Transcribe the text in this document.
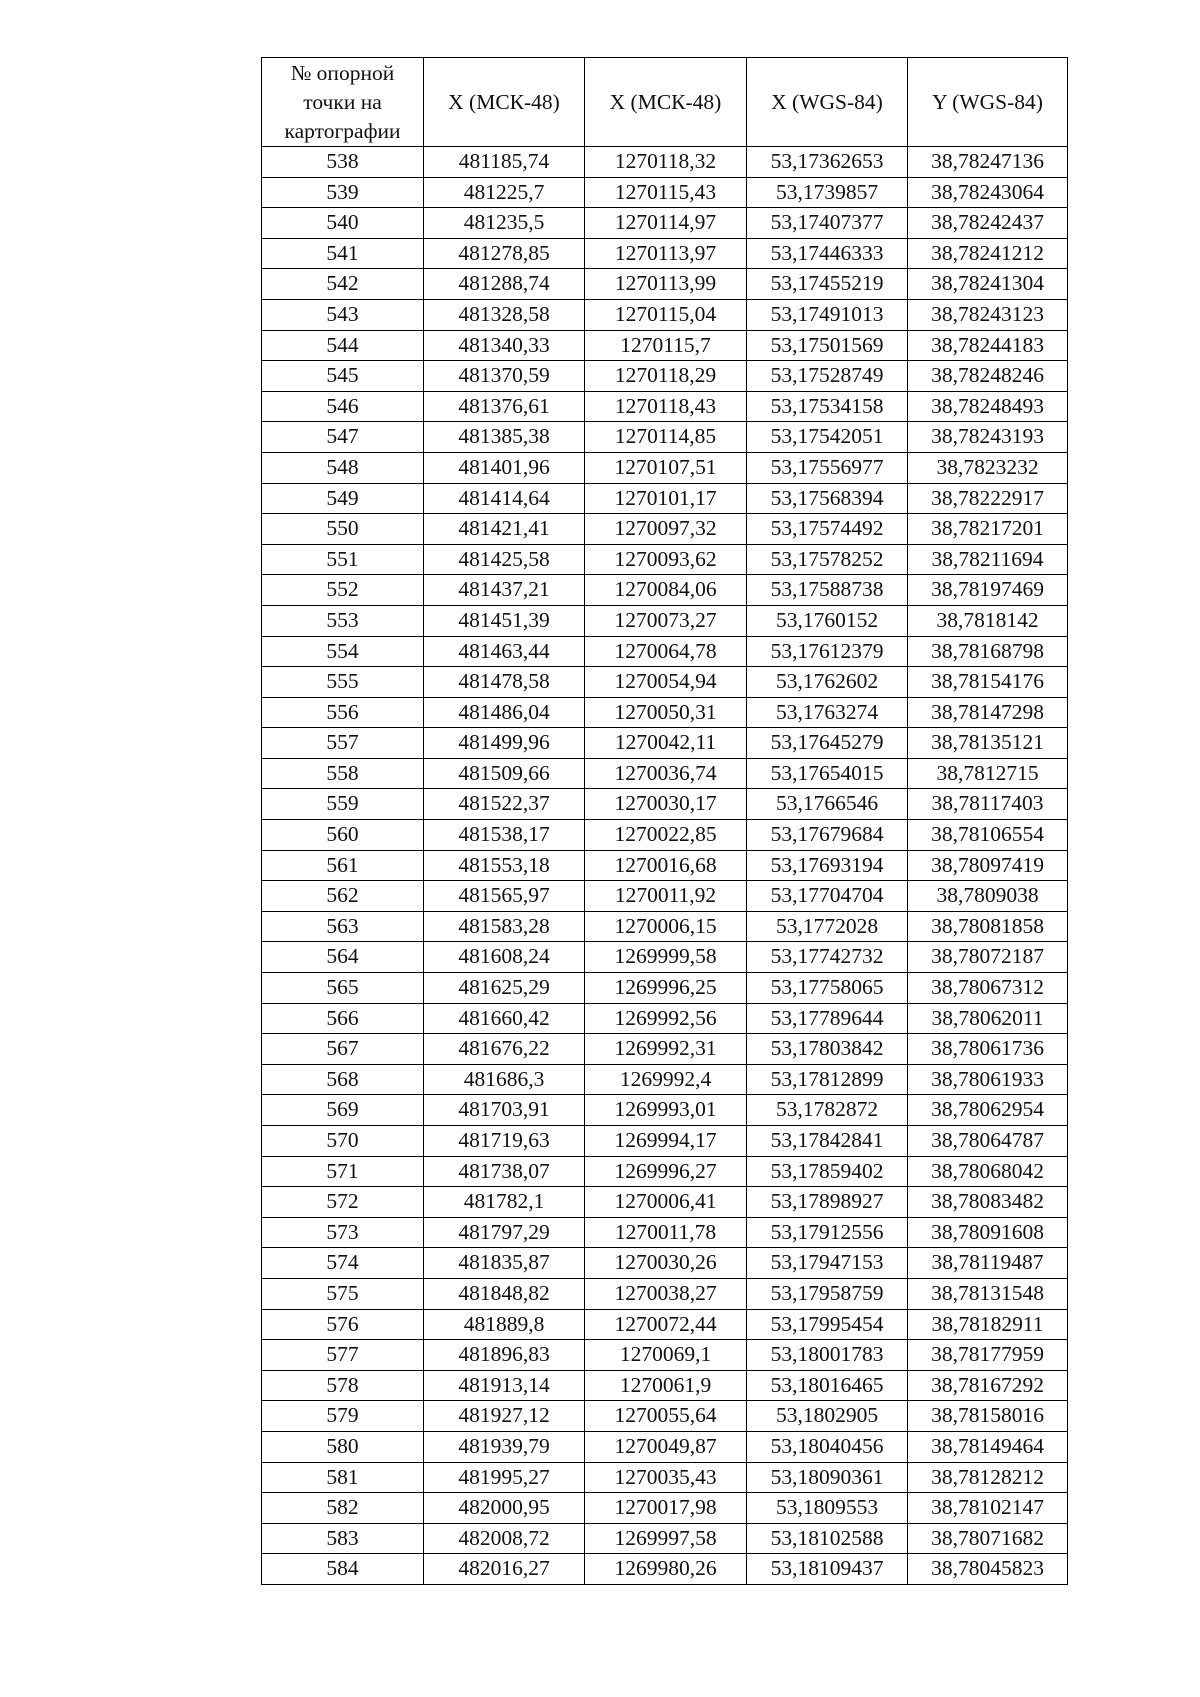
№ опорной
точки на
картографии	X (МСК-48)	X (МСК-48)	X (WGS-84)	Y (WGS-84)
538	481185,74	1270118,32	53,17362653	38,78247136
539	481225,7	1270115,43	53,1739857	38,78243064
540	481235,5	1270114,97	53,17407377	38,78242437
541	481278,85	1270113,97	53,17446333	38,78241212
542	481288,74	1270113,99	53,17455219	38,78241304
543	481328,58	1270115,04	53,17491013	38,78243123
544	481340,33	1270115,7	53,17501569	38,78244183
545	481370,59	1270118,29	53,17528749	38,78248246
546	481376,61	1270118,43	53,17534158	38,78248493
547	481385,38	1270114,85	53,17542051	38,78243193
548	481401,96	1270107,51	53,17556977	38,7823232
549	481414,64	1270101,17	53,17568394	38,78222917
550	481421,41	1270097,32	53,17574492	38,78217201
551	481425,58	1270093,62	53,17578252	38,78211694
552	481437,21	1270084,06	53,17588738	38,78197469
553	481451,39	1270073,27	53,1760152	38,7818142
554	481463,44	1270064,78	53,17612379	38,78168798
555	481478,58	1270054,94	53,1762602	38,78154176
556	481486,04	1270050,31	53,1763274	38,78147298
557	481499,96	1270042,11	53,17645279	38,78135121
558	481509,66	1270036,74	53,17654015	38,7812715
559	481522,37	1270030,17	53,1766546	38,78117403
560	481538,17	1270022,85	53,17679684	38,78106554
561	481553,18	1270016,68	53,17693194	38,78097419
562	481565,97	1270011,92	53,17704704	38,7809038
563	481583,28	1270006,15	53,1772028	38,78081858
564	481608,24	1269999,58	53,17742732	38,78072187
565	481625,29	1269996,25	53,17758065	38,78067312
566	481660,42	1269992,56	53,17789644	38,78062011
567	481676,22	1269992,31	53,17803842	38,78061736
568	481686,3	1269992,4	53,17812899	38,78061933
569	481703,91	1269993,01	53,1782872	38,78062954
570	481719,63	1269994,17	53,17842841	38,78064787
571	481738,07	1269996,27	53,17859402	38,78068042
572	481782,1	1270006,41	53,17898927	38,78083482
573	481797,29	1270011,78	53,17912556	38,78091608
574	481835,87	1270030,26	53,17947153	38,78119487
575	481848,82	1270038,27	53,17958759	38,78131548
576	481889,8	1270072,44	53,17995454	38,78182911
577	481896,83	1270069,1	53,18001783	38,78177959
578	481913,14	1270061,9	53,18016465	38,78167292
579	481927,12	1270055,64	53,1802905	38,78158016
580	481939,79	1270049,87	53,18040456	38,78149464
581	481995,27	1270035,43	53,18090361	38,78128212
582	482000,95	1270017,98	53,1809553	38,78102147
583	482008,72	1269997,58	53,18102588	38,78071682
584	482016,27	1269980,26	53,18109437	38,78045823
